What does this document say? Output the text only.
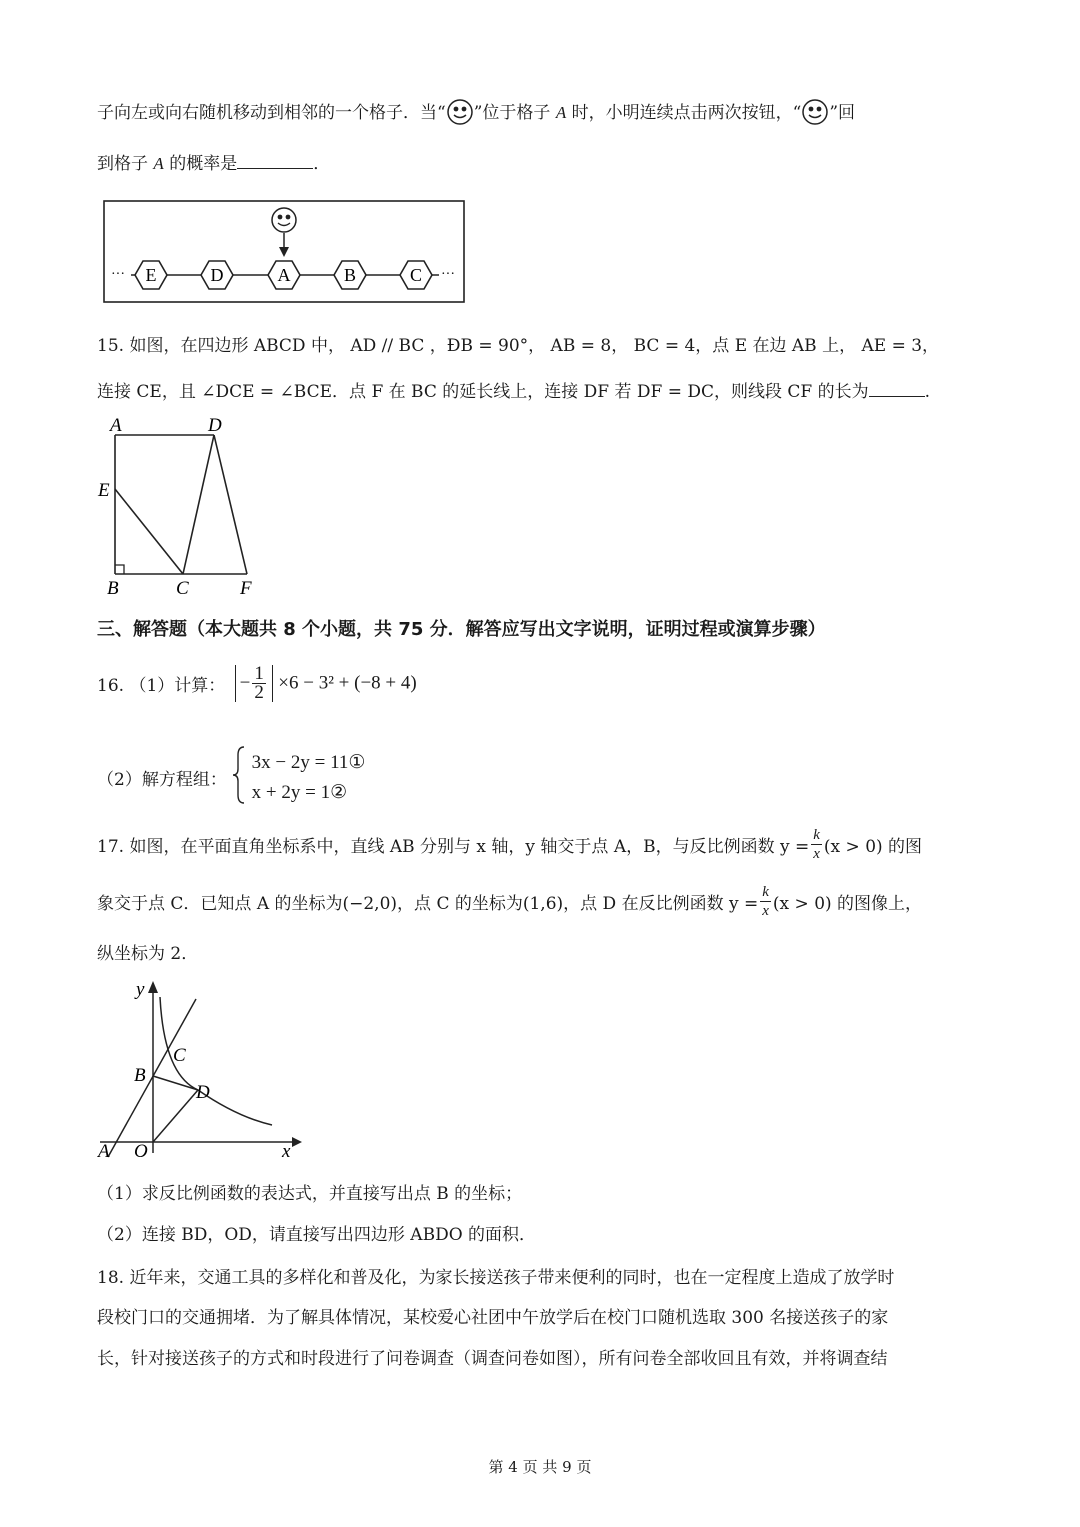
子向左或向右随机移动到相邻的一个格子．当“ ”位于格子 A 时，小明连续点击两次按钮，“ ”回
到格子 A 的概率是	．
··· E	D	A	B	C ···
15. 如图，在四边形 ABCD 中， AD // BC ，ÐB = 90°， AB = 8， BC = 4，点 E 在边 AB 上， AE = 3，
连接 CE，且 ∠DCE = ∠BCE．点 F 在 BC 的延长线上，连接 DF 若 DF = DC，则线段 CF 的长为	.
A	D
E
B	C	F
三、解答题（本大题共 8 个小题，共 75 分．解答应写出文字说明，证明过程或演算步骤）
16. （1）计算： − $\frac{1}{2} \times 6 - 3^2 + (-8 + 4)$
（2）解方程组：
3x − 2y = 11①
x + 2y = 1②
17. 如图，在平面直角坐标系中，直线 AB 分别与 x 轴，y 轴交于点 A，B，与反比例函数 $y = \frac{k}{x} (x > 0)$ 的图
象交于点 C．已知点 A 的坐标为(−2,0)，点 C 的坐标为(1,6)，点 D 在反比例函数 $y = \frac{k}{x} (x > 0)$ 的图像上，
纵坐标为 2．
y
x
A O
B
C
D
（1）求反比例函数的表达式，并直接写出点 B 的坐标；
（2）连接 BD，OD，请直接写出四边形 ABDO 的面积．
18. 近年来，交通工具的多样化和普及化，为家长接送孩子带来便利的同时，也在一定程度上造成了放学时
段校门口的交通拥堵．为了解具体情况，某校爱心社团中午放学后在校门口随机选取 300 名接送孩子的家
长，针对接送孩子的方式和时段进行了问卷调查（调查问卷如图），所有问卷全部收回且有效，并将调查结
第 4 页 共 9 页
